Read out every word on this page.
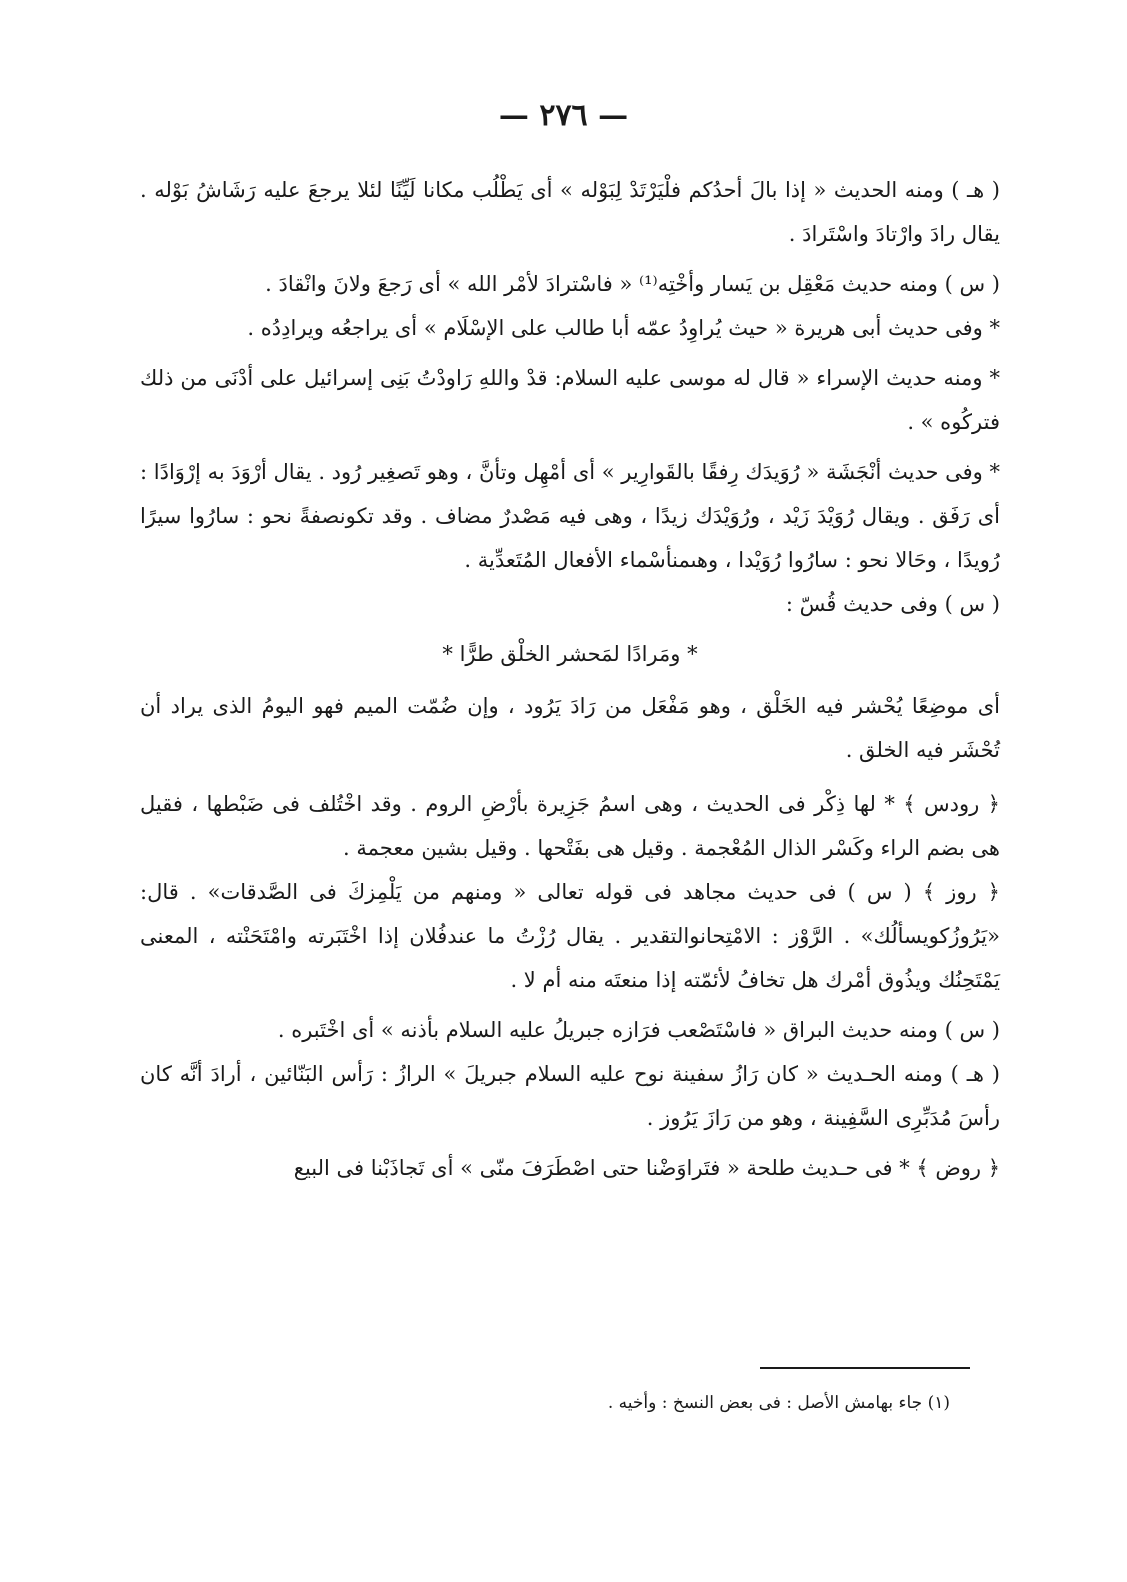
— ٢٧٦ —

( هـ ) ومنه الحديث « إذا بالَ أحدُكم فلْيَرْتَدْ لِبَوْله » أى يَطْلُب مكانا لَيِّنًا لئلا يرجعَ عليه رَشَاشُ بَوْله . يقال رادَ وارْتادَ واسْتَرادَ .

( س ) ومنه حديث مَعْقِل بن يَسار وأخْتِه⁽¹⁾ « فاسْترادَ لأمْر الله » أى رَجعَ ولانَ وانْقادَ .

* وفى حديث أبى هريرة « حيث يُراوِدُ عمّه أبا طالب على الإسْلَام » أى يراجعُه ويرادِدُه .

* ومنه حديث الإسراء « قال له موسى عليه السلام: قدْ واللهِ رَاودْتُ بَنِى إسرائيل على أدْنَى من ذلك فتركُوه » .

* وفى حديث أنْجَشَة « رُوَيدَك رِفقًا بالقَوارِير » أى أمْهِل وتأنَّ ، وهو تَصغِير رُود . يقال أرْوَدَ به إرْوَادًا : أى رَفَق . ويقال رُوَيْدَ زَيْد ، ورُوَيْدَك زيدًا ، وهى فيه مَصْدرٌ مضاف . وقد تكونصفةً نحو : سارُوا سيرًا رُويدًا ، وحَالا نحو : سارُوا رُوَيْدا ، وهىمنأسْماء الأفعال المُتَعدِّية .

( س ) وفى حديث قُسّ :

* ومَرادًا لمَحشر الخلْق طرًّا *

أى موضِعًا يُحْشر فيه الخَلْق ، وهو مَفْعَل من رَادَ يَرُود ، وإن ضُمّت الميم فهو اليومُ الذى يراد أن تُحْشَر فيه الخلق .

﴿ رودس ﴾ * لها ذِكْر فى الحديث ، وهى اسمُ جَزِيرة بأرْضِ الروم . وقد اخْتُلف فى ضَبْطها ، فقيل هى بضم الراء وكَسْر الذال المُعْجمة . وقيل هى بفَتْحها . وقيل بشين معجمة .

﴿ روز ﴾ ( س ) فى حديث مجاهد فى قوله تعالى « ومنهم من يَلْمِزكَ فى الصَّدقات» . قال: «يَرُوزُكويسألُك» . الرَّوْز : الامْتِحانوالتقدير . يقال رُزْتُ ما عندفُلان إذا اخْتَبَرته وامْتَحَنْته ، المعنى يَمْتَحِنُك ويذُوق أمْرك هل تخافُ لأئمّته إذا منعتَه منه أم لا .

( س ) ومنه حديث البراق « فاسْتَصْعب فرَازه جبريلُ عليه السلام بأذنه » أى اخْتَبره .

( هـ ) ومنه الحـديث « كان رَازُ سفينة نوح عليه السلام جبريلَ » الرازُ : رَأس البَنّائين ، أرادَ أنَّه كان رأسَ مُدَبِّرِى السَّفِينة ، وهو من رَازَ يَرُوز .

﴿ روض ﴾ * فى حـديث طلحة « فتَراوَضْنا حتى اصْطَرَفَ منّى » أى تَجاذَبْنا فى البيع

(١) جاء بهامش الأصل : فى بعض النسخ : وأخيه .
